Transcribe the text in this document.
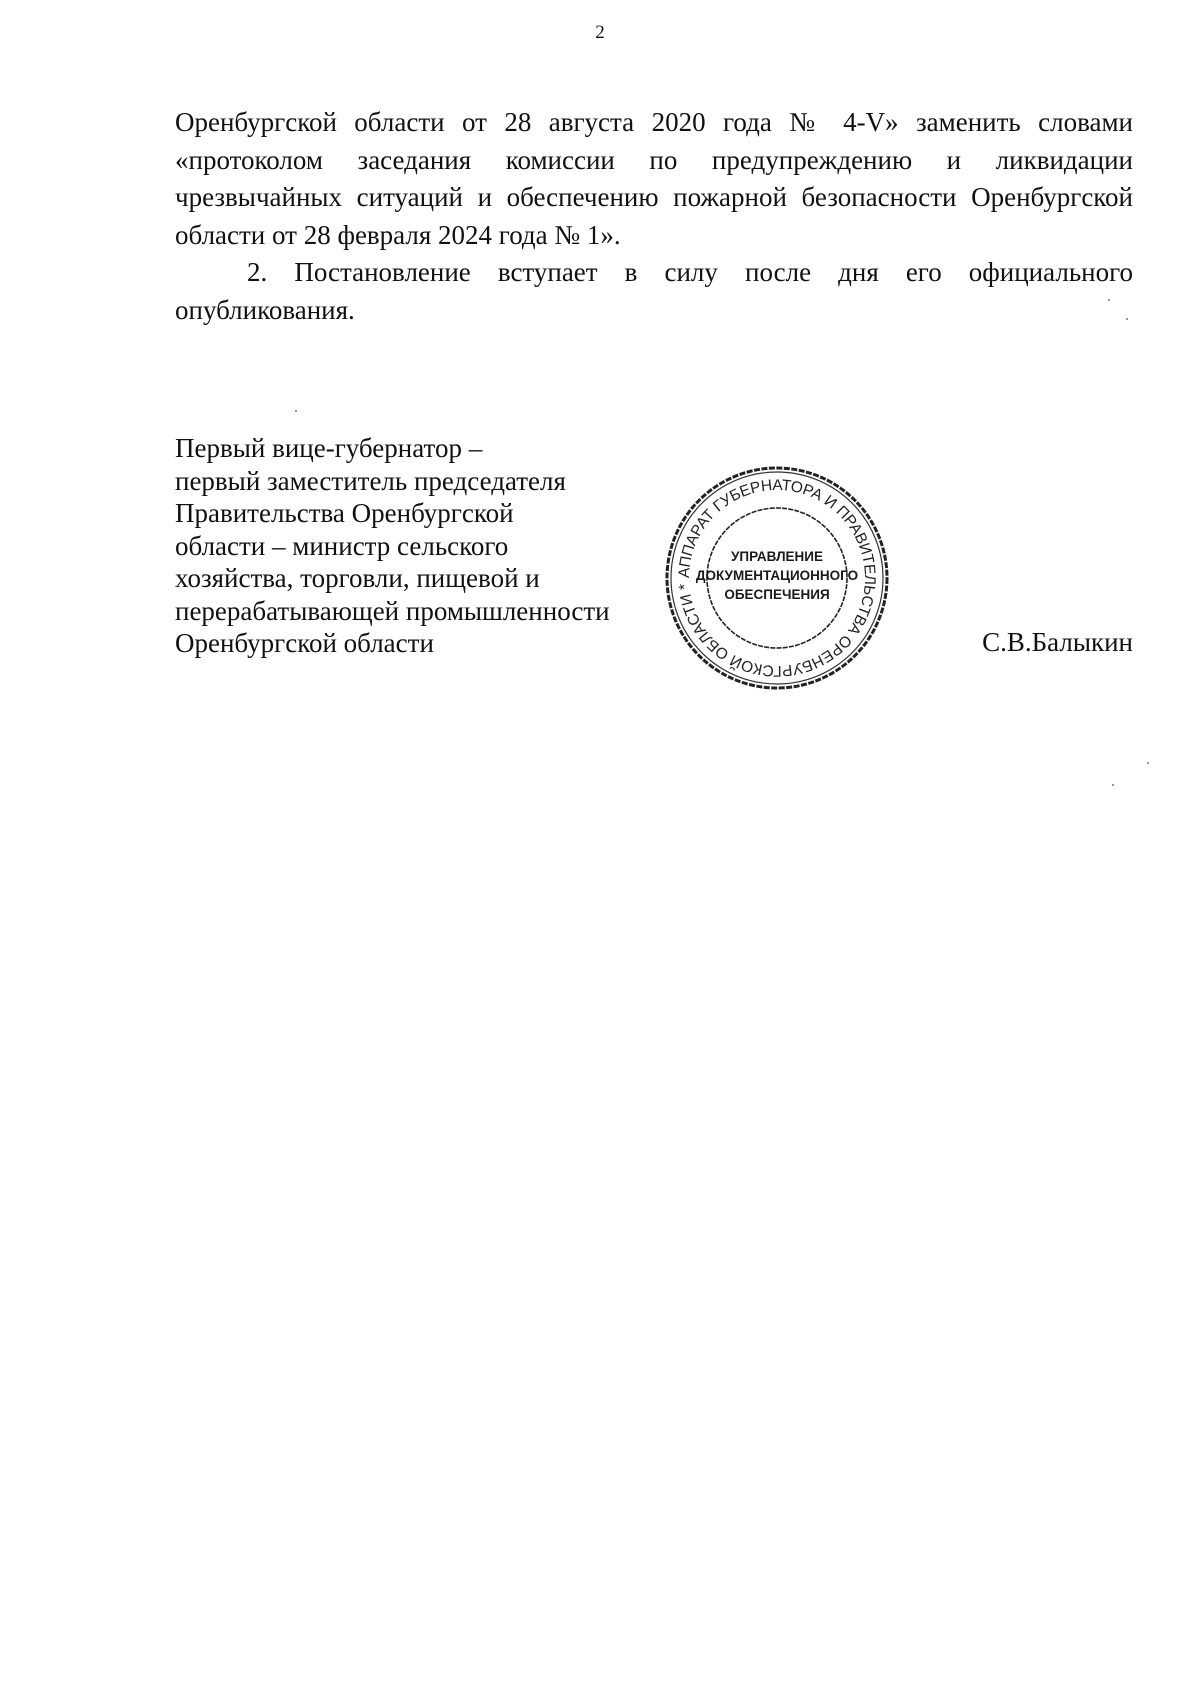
2

Оренбургской области от 28 августа 2020 года № 4-V» заменить словами «протоколом заседания комиссии по предупреждению и ликвидации чрезвычайных ситуаций и обеспечению пожарной безопасности Оренбургской области от 28 февраля 2024 года № 1».

2. Постановление вступает в силу после дня его официального опубликования.

Первый вице-губернатор –
первый заместитель председателя
Правительства Оренбургской
области – министр сельского
хозяйства, торговли, пищевой и
перерабатывающей промышленности
Оренбургской области
АППАРАТ ГУБЕРНАТОРА И ПРАВИТЕЛЬСТВА ОРЕНБУРГСКОЙ ОБЛАСТИ *
УПРАВЛЕНИЕ
ДОКУМЕНТАЦИОННОГО
ОБЕСПЕЧЕНИЯ
С.В.Балыкин
